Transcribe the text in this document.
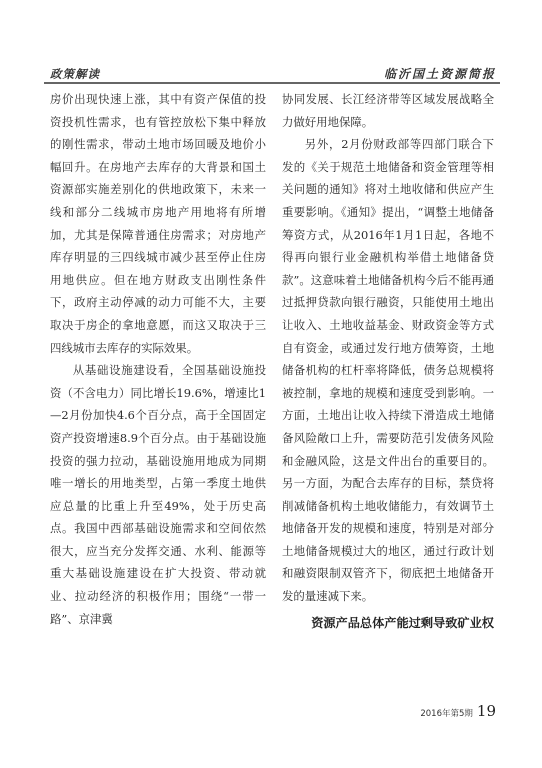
政策解读	临沂国土资源简报

房价出现快速上涨，其中有资产保值的投资投机性需求，也有管控放松下集中释放的刚性需求，带动土地市场回暖及地价小幅回升。在房地产去库存的大背景和国土资源部实施差别化的供地政策下，未来一线和部分二线城市房地产用地将有所增加，尤其是保障普通住房需求；对房地产库存明显的三四线城市减少甚至停止住房用地供应。但在地方财政支出刚性条件下，政府主动停减的动力可能不大，主要取决于房企的拿地意愿，而这又取决于三四线城市去库存的实际效果。

从基础设施建设看，全国基础设施投资（不含电力）同比增长19.6%，增速比1—2月份加快4.6个百分点，高于全国固定资产投资增速8.9个百分点。由于基础设施投资的强力拉动，基础设施用地成为同期唯一增长的用地类型，占第一季度土地供应总量的比重上升至49%，处于历史高点。我国中西部基础设施需求和空间依然很大，应当充分发挥交通、水利、能源等重大基础设施建设在扩大投资、带动就业、拉动经济的积极作用；围绕“一带一路”、京津冀

协同发展、长江经济带等区域发展战略全力做好用地保障。

另外，2月份财政部等四部门联合下发的《关于规范土地储备和资金管理等相关问题的通知》将对土地收储和供应产生重要影响。《通知》提出，“调整土地储备筹资方式，从2016年1月1日起，各地不得再向银行业金融机构举借土地储备贷款”。这意味着土地储备机构今后不能再通过抵押贷款向银行融资，只能使用土地出让收入、土地收益基金、财政资金等方式自有资金，或通过发行地方债筹资，土地储备机构的杠杆率将降低，债务总规模将被控制，拿地的规模和速度受到影响。一方面，土地出让收入持续下滑造成土地储备风险敞口上升，需要防范引发债务风险和金融风险，这是文件出台的重要目的。另一方面，为配合去库存的目标，禁贷将削减储备机构土地收储能力，有效调节土地储备开发的规模和速度，特别是对部分土地储备规模过大的地区，通过行政计划和融资限制双管齐下，彻底把土地储备开发的量速减下来。

资源产品总体产能过剩导致矿业权
2016年第5期 19
